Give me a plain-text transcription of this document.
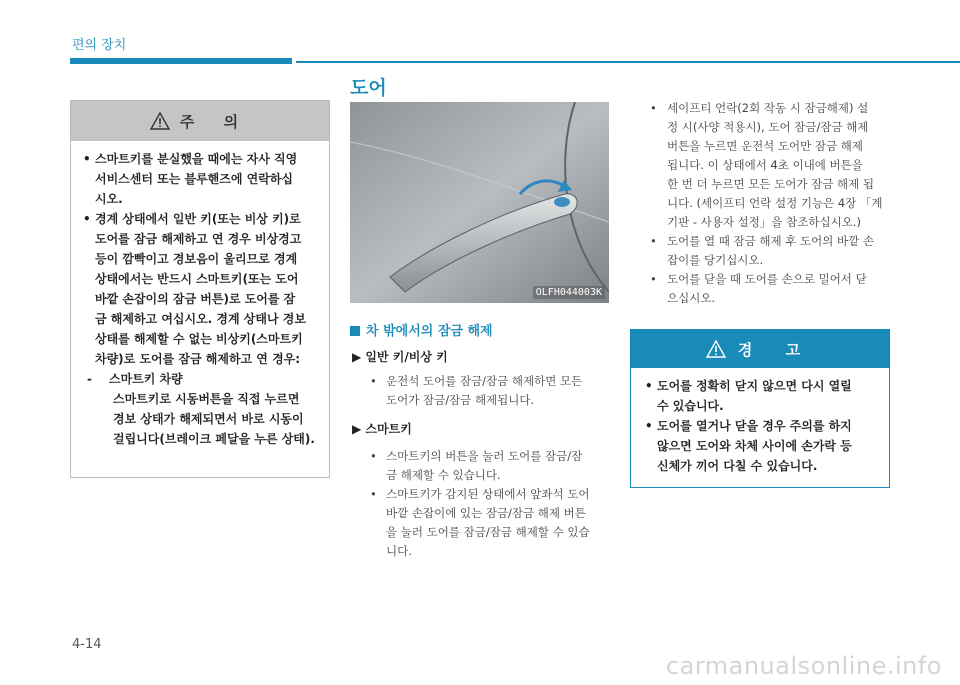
편의 장치
도어
주 의
• 스마트키를 분실했을 때에는 자사 직영
서비스센터 또는 블루핸즈에 연락하십
시오.
• 경계 상태에서 일반 키(또는 비상 키)로
도어를 잠금 해제하고 연 경우 비상경고
등이 깜빡이고 경보음이 울리므로 경계
상태에서는 반드시 스마트키(또는 도어
바깥 손잡이의 잠금 버튼)로 도어를 잠
금 해제하고 여십시오. 경계 상태나 경보
상태를 해제할 수 없는 비상키(스마트키
차량)로 도어를 잠금 해제하고 연 경우:
- 스마트키 차량
스마트키로 시동버튼을 직접 누르면
경보 상태가 해제되면서 바로 시동이
걸립니다(브레이크 페달을 누른 상태).
OLFH044003K
차 밖에서의 잠금 해제
▶ 일반 키/비상 키
• 운전석 도어를 잠금/잠금 해제하면 모든
도어가 잠금/잠금 해제됩니다.
▶ 스마트키
• 스마트키의 버튼을 눌러 도어를 잠금/잠
금 해제할 수 있습니다.
• 스마트키가 감지된 상태에서 앞좌석 도어
바깥 손잡이에 있는 잠금/잠금 해제 버튼
을 눌러 도어를 잠금/잠금 해제할 수 있습
니다.
• 세이프티 언락(2회 작동 시 잠금해제) 설
정 시(사양 적용시), 도어 잠금/잠금 해제
버튼을 누르면 운전석 도어만 잠금 해제
됩니다. 이 상태에서 4초 이내에 버튼을
한 번 더 누르면 모든 도어가 잠금 해제 됩
니다. (세이프티 언락 설정 기능은 4장 「계
기판 - 사용자 설정」을 참조하십시오.)
• 도어를 열 때 잠금 해제 후 도어의 바깥 손
잡이를 당기십시오.
• 도어를 닫을 때 도어를 손으로 밀어서 닫
으십시오.
경 고
• 도어를 정확히 닫지 않으면 다시 열릴
수 있습니다.
• 도어를 열거나 닫을 경우 주의를 하지
않으면 도어와 차체 사이에 손가락 등
신체가 끼어 다칠 수 있습니다.
4-14
carmanualsonline.info
